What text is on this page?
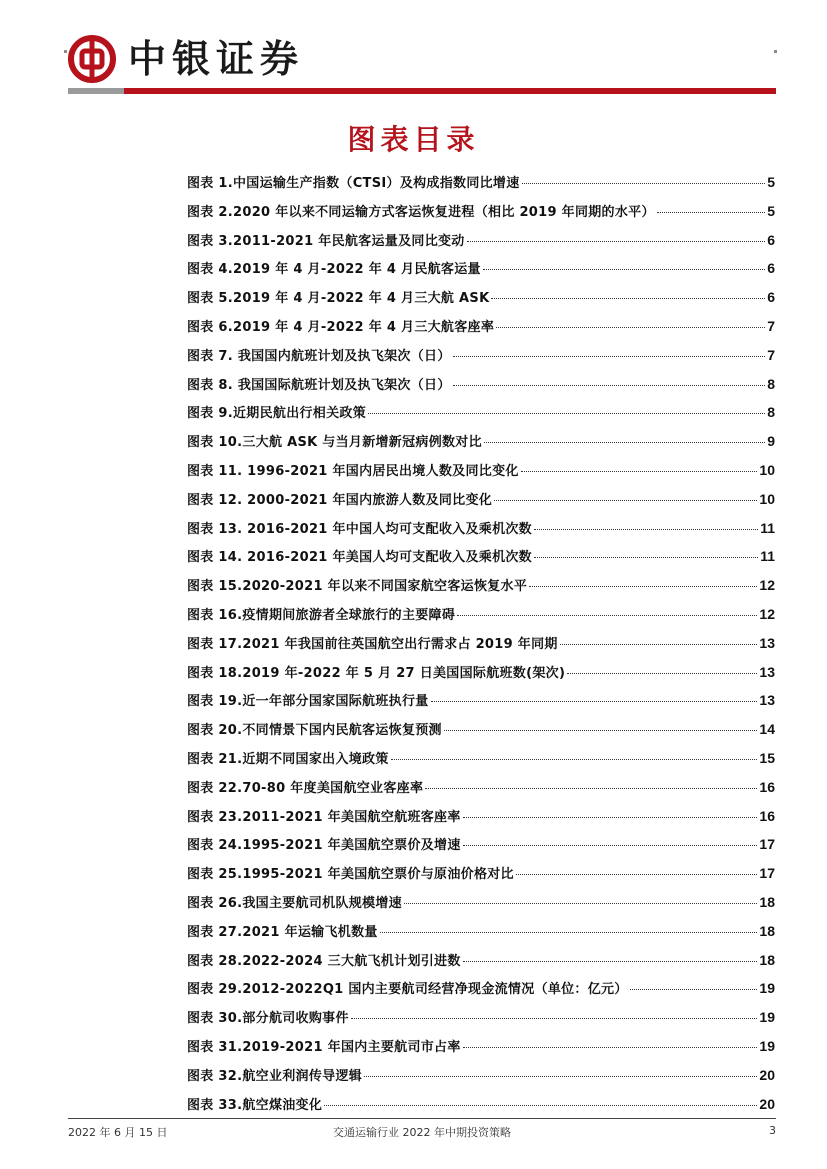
中银证券
图表目录
图表 1.中国运输生产指数（CTSI）及构成指数同比增速	5
图表 2.2020 年以来不同运输方式客运恢复进程（相比 2019 年同期的水平）	5
图表 3.2011-2021 年民航客运量及同比变动	6
图表 4.2019 年 4 月-2022 年 4 月民航客运量	6
图表 5.2019 年 4 月-2022 年 4 月三大航 ASK	6
图表 6.2019 年 4 月-2022 年 4 月三大航客座率	7
图表 7. 我国国内航班计划及执飞架次（日）	7
图表 8. 我国国际航班计划及执飞架次（日）	8
图表 9.近期民航出行相关政策	8
图表 10.三大航 ASK 与当月新增新冠病例数对比	9
图表 11. 1996-2021 年国内居民出境人数及同比变化	10
图表 12. 2000-2021 年国内旅游人数及同比变化	10
图表 13. 2016-2021 年中国人均可支配收入及乘机次数	11
图表 14. 2016-2021 年美国人均可支配收入及乘机次数	11
图表 15.2020-2021 年以来不同国家航空客运恢复水平	12
图表 16.疫情期间旅游者全球旅行的主要障碍	12
图表 17.2021 年我国前往英国航空出行需求占 2019 年同期	13
图表 18.2019 年-2022 年 5 月 27 日美国国际航班数(架次)	13
图表 19.近一年部分国家国际航班执行量	13
图表 20.不同情景下国内民航客运恢复预测	14
图表 21.近期不同国家出入境政策	15
图表 22.70-80 年度美国航空业客座率	16
图表 23.2011-2021 年美国航空航班客座率	16
图表 24.1995-2021 年美国航空票价及增速	17
图表 25.1995-2021 年美国航空票价与原油价格对比	17
图表 26.我国主要航司机队规模增速	18
图表 27.2021 年运输飞机数量	18
图表 28.2022-2024 三大航飞机计划引进数	18
图表 29.2012-2022Q1 国内主要航司经营净现金流情况（单位：亿元）	19
图表 30.部分航司收购事件	19
图表 31.2019-2021 年国内主要航司市占率	19
图表 32.航空业利润传导逻辑	20
图表 33.航空煤油变化	20
2022 年 6 月 15 日	交通运输行业 2022 年中期投资策略	3
